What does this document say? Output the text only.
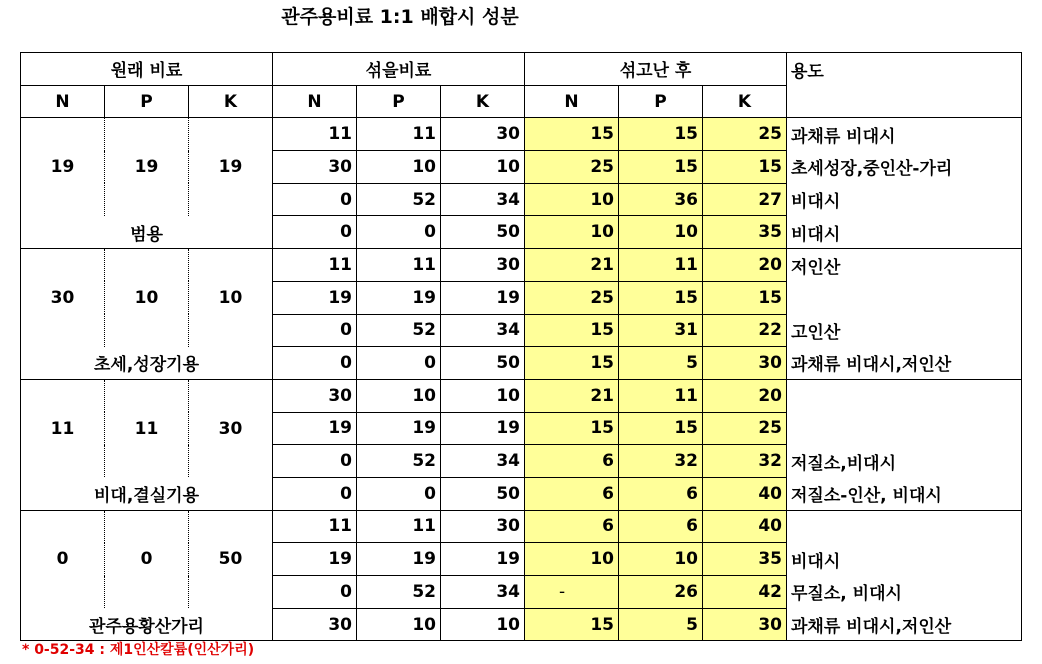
관주용비료 1:1 배합시 성분
원래 비료			섞을비료			섞고난 후			용도
N	P	K	N	P	K	N	P	K	
19	19	19	11	11	30	15	15	25	과채류 비대시
			30	10	10	25	15	15	초세성장,중인산-가리
			0	52	34	10	36	27	비대시
범용			0	0	50	10	10	35	비대시
30	10	10	11	11	30	21	11	20	저인산
			19	19	19	25	15	15	
			0	52	34	15	31	22	고인산
초세,성장기용			0	0	50	15	5	30	과채류 비대시,저인산
11	11	30	30	10	10	21	11	20	
			19	19	19	15	15	25	
			0	52	34	6	32	32	저질소,비대시
비대,결실기용			0	0	50	6	6	40	저질소-인산, 비대시
0	0	50	11	11	30	6	6	40	
			19	19	19	10	10	35	비대시
			0	52	34	-	26	42	무질소, 비대시
관주용황산가리			30	10	10	15	5	30	과채류 비대시,저인산
* 0-52-34 : 제1인산칼륨(인산가리)
